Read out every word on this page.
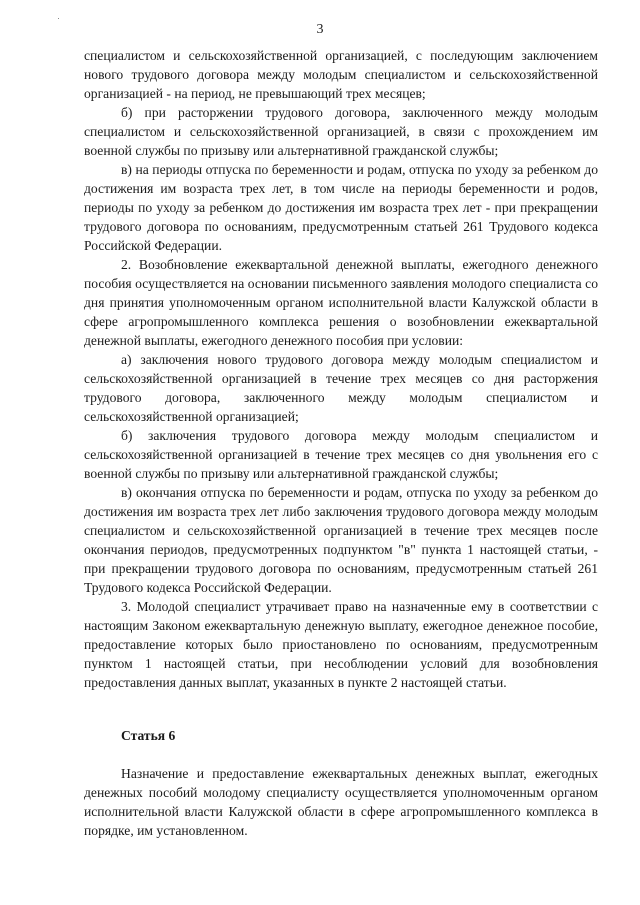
3

специалистом и сельскохозяйственной организацией, с последующим заключением нового трудового договора между молодым специалистом и сельскохозяйственной организацией - на период, не превышающий трех месяцев;

б) при расторжении трудового договора, заключенного между молодым специалистом и сельскохозяйственной организацией, в связи с прохождением им военной службы по призыву или альтернативной гражданской службы;

в) на периоды отпуска по беременности и родам, отпуска по уходу за ребенком до достижения им возраста трех лет, в том числе на периоды беременности и родов, периоды по уходу за ребенком до достижения им возраста трех лет - при прекращении трудового договора по основаниям, предусмотренным статьей 261 Трудового кодекса Российской Федерации.

2. Возобновление ежеквартальной денежной выплаты, ежегодного денежного пособия осуществляется на основании письменного заявления молодого специалиста со дня принятия уполномоченным органом исполнительной власти Калужской области в сфере агропромышленного комплекса решения о возобновлении ежеквартальной денежной выплаты, ежегодного денежного пособия при условии:

а) заключения нового трудового договора между молодым специалистом и сельскохозяйственной организацией в течение трех месяцев со дня расторжения трудового договора, заключенного между молодым специалистом и сельскохозяйственной организацией;

б) заключения трудового договора между молодым специалистом и сельскохозяйственной организацией в течение трех месяцев со дня увольнения его с военной службы по призыву или альтернативной гражданской службы;

в) окончания отпуска по беременности и родам, отпуска по уходу за ребенком до достижения им возраста трех лет либо заключения трудового договора между молодым специалистом и сельскохозяйственной организацией в течение трех месяцев после окончания периодов, предусмотренных подпунктом "в" пункта 1 настоящей статьи, - при прекращении трудового договора по основаниям, предусмотренным статьей 261 Трудового кодекса Российской Федерации.

3. Молодой специалист утрачивает право на назначенные ему в соответствии с настоящим Законом ежеквартальную денежную выплату, ежегодное денежное пособие, предоставление которых было приостановлено по основаниям, предусмотренным пунктом 1 настоящей статьи, при несоблюдении условий для возобновления предоставления данных выплат, указанных в пункте 2 настоящей статьи.

Статья 6

Назначение и предоставление ежеквартальных денежных выплат, ежегодных денежных пособий молодому специалисту осуществляется уполномоченным органом исполнительной власти Калужской области в сфере агропромышленного комплекса в порядке, им установленном.
